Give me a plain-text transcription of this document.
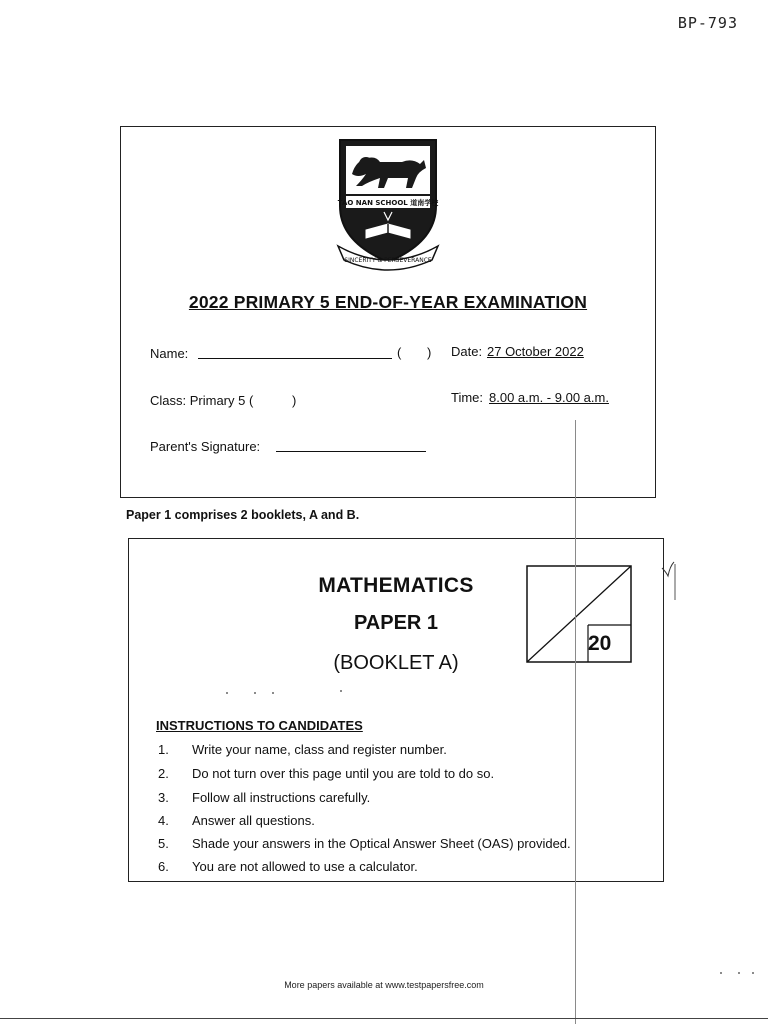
BP-793
TAO NAN SCHOOL 道南学校
SINCERITY & PERSEVERANCE
2022 PRIMARY 5 END-OF-YEAR EXAMINATION
Name:	( ) Date: 27 October 2022
Class: Primary 5 (	)	Time: 8.00 a.m. - 9.00 a.m.
Parent's Signature:
Paper 1 comprises 2 booklets, A and B.
MATHEMATICS
PAPER 1
(BOOKLET A)
20
INSTRUCTIONS TO CANDIDATES
1. Write your name, class and register number.
2. Do not turn over this page until you are told to do so.
3. Follow all instructions carefully.
4. Answer all questions.
5. Shade your answers in the Optical Answer Sheet (OAS) provided.
6. You are not allowed to use a calculator.
More papers available at www.testpapersfree.com
